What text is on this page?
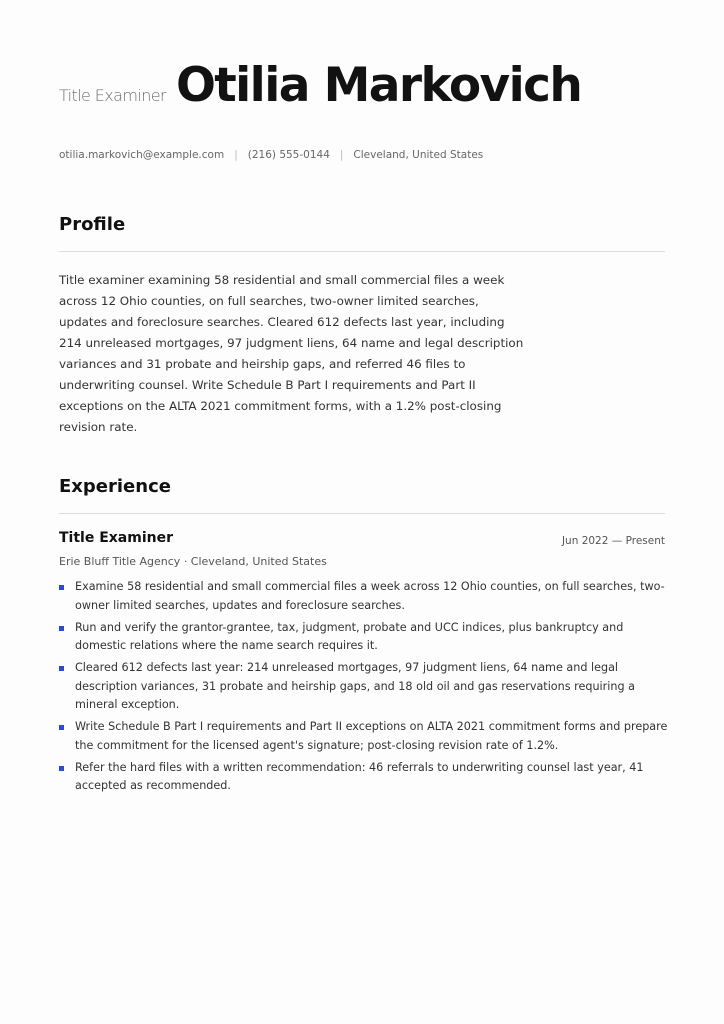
Title Examiner Otilia Markovich
otilia.markovich@example.com | (216) 555-0144 | Cleveland, United States
Profile

Title examiner examining 58 residential and small commercial files a week across 12 Ohio counties, on full searches, two-owner limited searches, updates and foreclosure searches. Cleared 612 defects last year, including 214 unreleased mortgages, 97 judgment liens, 64 name and legal description variances and 31 probate and heirship gaps, and referred 46 files to underwriting counsel. Write Schedule B Part I requirements and Part II exceptions on the ALTA 2021 commitment forms, with a 1.2% post-closing revision rate.

Experience
Title Examiner	Jun 2022 — Present
Erie Bluff Title Agency · Cleveland, United States
Examine 58 residential and small commercial files a week across 12 Ohio counties, on full searches, two-owner limited searches, updates and foreclosure searches.
Run and verify the grantor-grantee, tax, judgment, probate and UCC indices, plus bankruptcy and domestic relations where the name search requires it.
Cleared 612 defects last year: 214 unreleased mortgages, 97 judgment liens, 64 name and legal description variances, 31 probate and heirship gaps, and 18 old oil and gas reservations requiring a mineral exception.
Write Schedule B Part I requirements and Part II exceptions on ALTA 2021 commitment forms and prepare the commitment for the licensed agent's signature; post-closing revision rate of 1.2%.
Refer the hard files with a written recommendation: 46 referrals to underwriting counsel last year, 41 accepted as recommended.
